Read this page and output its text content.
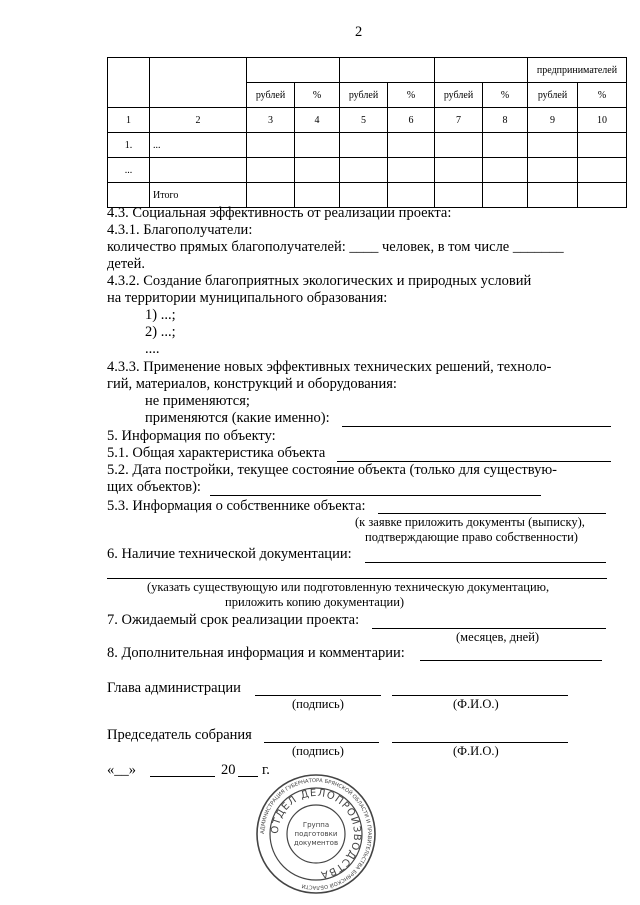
2
								предпринимателей	
		рублей	%	рублей	%	рублей	%	рублей	%
1	2	3	4	5	6	7	8	9	10
1.	...								
...									
	Итого								
4.3. Социальная эффективность от реализации проекта:
4.3.1. Благополучатели:
количество прямых благополучателей: ____ человек, в том числе _______
детей.
4.3.2. Создание благоприятных экологических и природных условий
на территории муниципального образования:
1) ...;
2) ...;
....
4.3.3. Применение новых эффективных технических решений, техноло-
гий, материалов, конструкций и оборудования:
не применяются;
применяются (какие именно):
5. Информация по объекту:
5.1. Общая характеристика объекта
5.2. Дата постройки, текущее состояние объекта (только для существую-
щих объектов):
5.3. Информация о собственнике объекта:
(к заявке приложить документы (выписку),
подтверждающие право собственности)
6. Наличие технической документации:
(указать существующую или подготовленную техническую документацию,
приложить копию документации)
7. Ожидаемый срок реализации проекта:
(месяцев, дней)
8. Дополнительная информация и комментарии:
Глава администрации
(подпись)	(Ф.И.О.)
Председатель собрания
(подпись)	(Ф.И.О.)
«__»	20 г.
АДМИНИСТРАЦИЯ ГУБЕРНАТОРА БРЯНСКОЙ ОБЛАСТИ И ПРАВИТЕЛЬСТВА БРЯНСКОЙ ОБЛАСТИ
ОТДЕЛ ДЕЛОПРОИЗВОДСТВА
Группа
подготовки
документов
